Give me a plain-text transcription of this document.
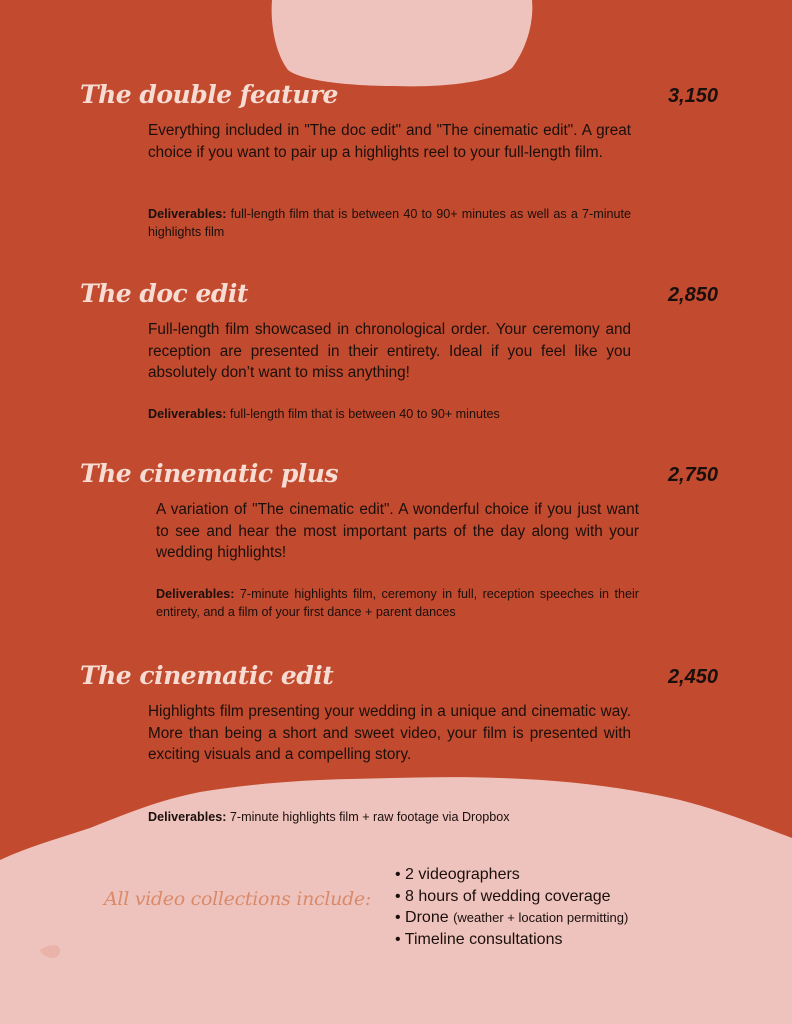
The double feature	3,150
Everything included in "The doc edit" and "The cinematic edit". A great choice if you want to pair up a highlights reel to your full-length film.
Deliverables: full-length film that is between 40 to 90+ minutes as well as a 7-minute highlights film
The doc edit	2,850
Full-length film showcased in chronological order. Your ceremony and reception are presented in their entirety. Ideal if you feel like you absolutely don’t want to miss anything!
Deliverables: full-length film that is between 40 to 90+ minutes
The cinematic plus	2,750
A variation of "The cinematic edit". A wonderful choice if you just want to see and hear the most important parts of the day along with your wedding highlights!
Deliverables: 7-minute highlights film, ceremony in full, reception speeches in their entirety, and a film of your first dance + parent dances
The cinematic edit	2,450
Highlights film presenting your wedding in a unique and cinematic way. More than being a short and sweet video, your film is presented with exciting visuals and a compelling story.
Deliverables: 7-minute highlights film + raw footage via Dropbox
All video collections include:
• 2 videographers
• 8 hours of wedding coverage
• Drone (weather + location permitting)
• Timeline consultations
